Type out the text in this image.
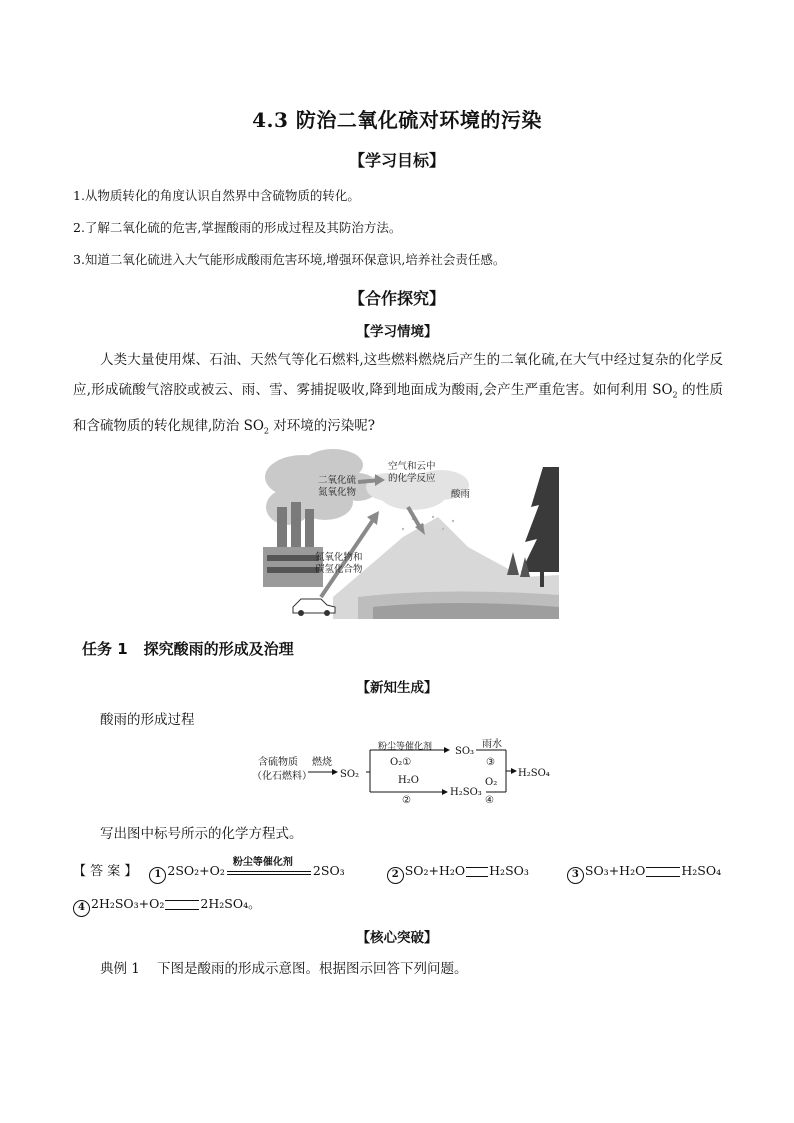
4.3 防治二氧化硫对环境的污染
【学习目标】
1.从物质转化的角度认识自然界中含硫物质的转化。
2.了解二氧化硫的危害,掌握酸雨的形成过程及其防治方法。
3.知道二氧化硫进入大气能形成酸雨危害环境,增强环保意识,培养社会责任感。
【合作探究】
【学习情境】
人类大量使用煤、石油、天然气等化石燃料,这些燃料燃烧后产生的二氧化硫,在大气中经过复杂的化学反应,形成硫酸气溶胶或被云、雨、雪、雾捕捉吸收,降到地面成为酸雨,会产生严重危害。如何利用 $SO_2$ 的性质和含硫物质的转化规律,防治 $SO_2$ 对环境的污染呢?
二氧化硫
氮氧化物
空气和云中
的化学反应
酸雨
氮氧化物和
碳氢化合物
任务 1 探究酸雨的形成及治理
【新知生成】
酸雨的形成过程
含硫物质
（化石燃料）
燃烧
SO₂
粉尘等催化剂
O₂①
SO₃
雨水
③
H₂O
②
H₂SO₃
O₂
④
H₂SO₄
写出图中标号所示的化学方程式。
【 答 案 】 1 2SO₂+O₂
粉尘等催化剂
2SO₃	2 SO₂+H₂O H₂SO₃	3 SO₃+H₂O	H₂SO₄
4 2H₂SO₃+O₂	2H₂SO₄。
【核心突破】
典例 1    下图是酸雨的形成示意图。根据图示回答下列问题。
